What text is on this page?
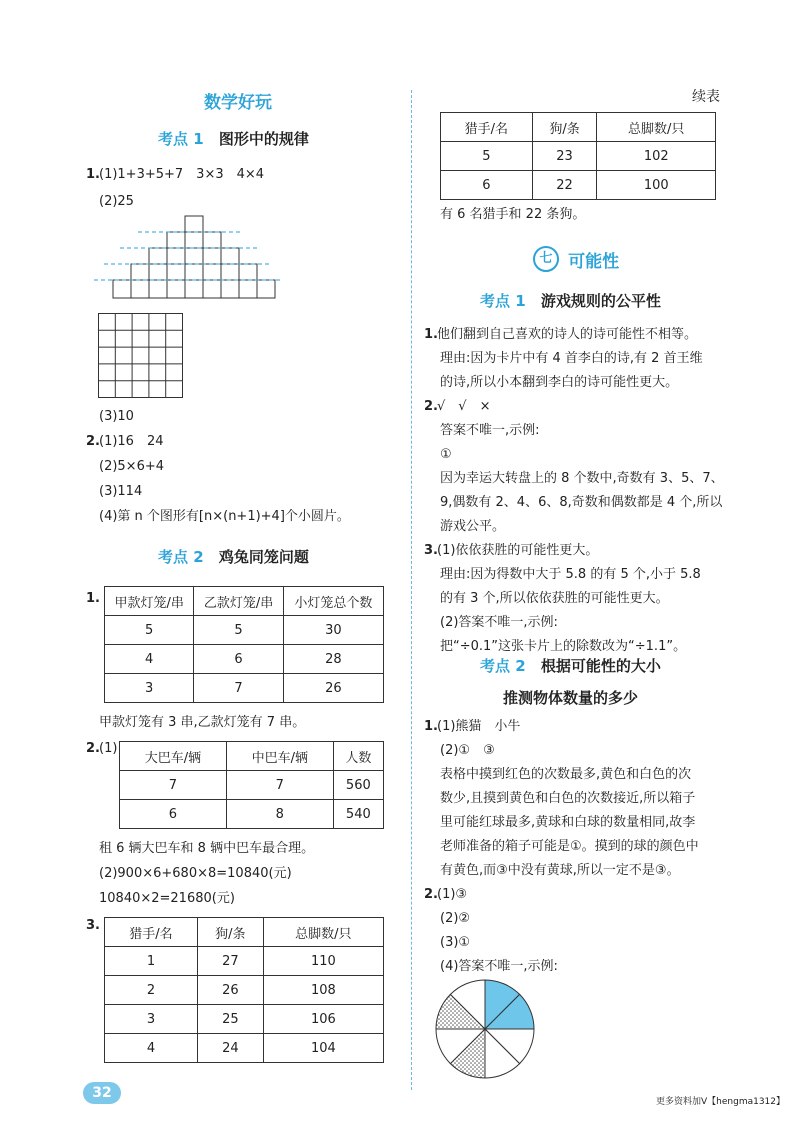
数学好玩
考点 1 图形中的规律
1. (1)1+3+5+7　3×3　4×4
(2)25
(3)10
2. (1)16　24
(2)5×6+4
(3)114
(4)第 n 个图形有[n×(n+1)+4]个小圆片。
考点 2 鸡兔同笼问题
1. 甲款灯笼/串	乙款灯笼/串	小灯笼总个数
5	5	30
4	6	28
3	7	26
甲款灯笼有 3 串,乙款灯笼有 7 串。
2. (1)
大巴车/辆	中巴车/辆	人数
7	7	560
6	8	540
租 6 辆大巴车和 8 辆中巴车最合理。
(2)900×6+680×8=10840(元)
10840×2=21680(元)
3.
猎手/名	狗/条	总脚数/只
1	27	110
2	26	108
3	25	106
4	24	104
续表
猎手/名	狗/条	总脚数/只
5	23	102
6	22	100
有 6 名猎手和 22 条狗。
七 可能性
考点 1 游戏规则的公平性
1. 他们翻到自己喜欢的诗人的诗可能性不相等。
理由:因为卡片中有 4 首李白的诗,有 2 首王维
的诗,所以小本翻到李白的诗可能性更大。
2. √　√　×
答案不唯一,示例:
①
因为幸运大转盘上的 8 个数中,奇数有 3、5、7、
9,偶数有 2、4、6、8,奇数和偶数都是 4 个,所以
游戏公平。
3. (1)依依获胜的可能性更大。
理由:因为得数中大于 5.8 的有 5 个,小于 5.8
的有 3 个,所以依依获胜的可能性更大。
(2)答案不唯一,示例:
把“÷0.1”这张卡片上的除数改为“÷1.1”。
考点 2 根据可能性的大小
推测物体数量的多少
1. (1)熊猫　小牛
(2)①　③
表格中摸到红色的次数最多,黄色和白色的次
数少,且摸到黄色和白色的次数接近,所以箱子
里可能红球最多,黄球和白球的数量相同,故李
老师准备的箱子可能是①。摸到的球的颜色中
有黄色,而③中没有黄球,所以一定不是③。
2. (1)③
(2)②
(3)①
(4)答案不唯一,示例:
32
更多资料加V【hengma1312】
